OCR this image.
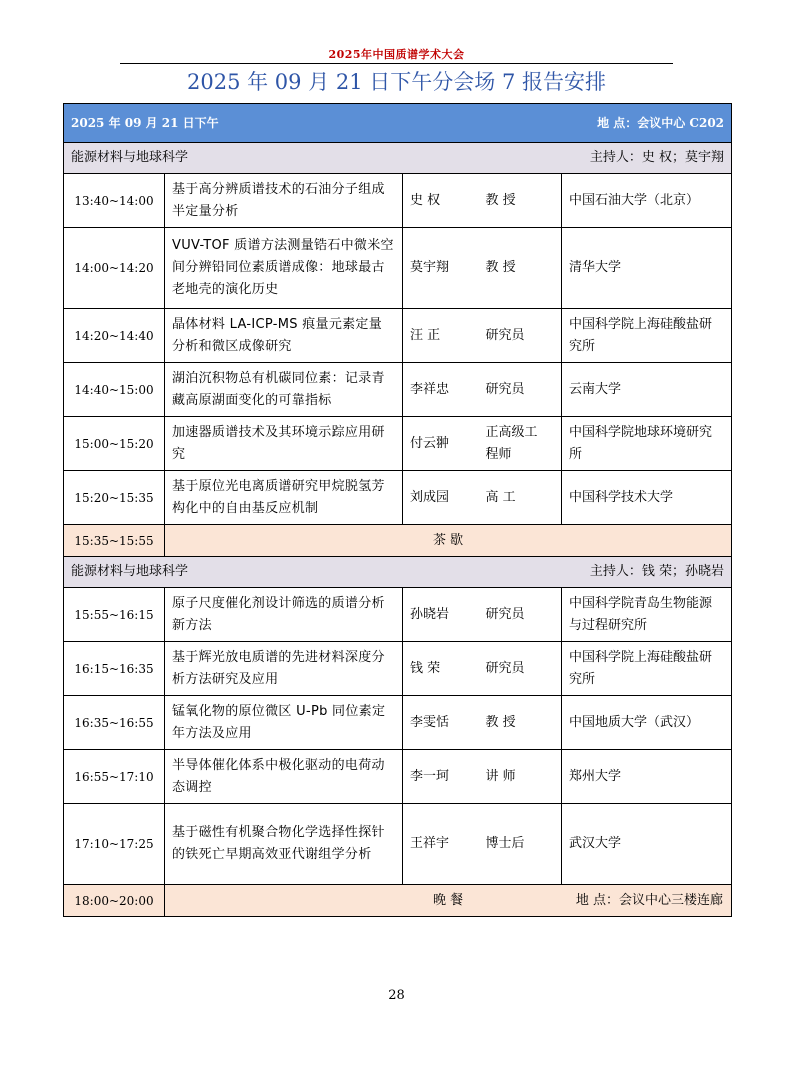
2025年中国质谱学术大会
2025 年 09 月 21 日下午分会场 7 报告安排
2025 年 09 月 21 日下午 地 点：会议中心 C202				

能源材料与地球科学 主持人：史 权；莫宇翔				

13:40~14:00	基于高分辨质谱技术的石油分子组成半定量分析	史 权	教 授	中国石油大学（北京）
14:00~14:20	VUV-TOF 质谱方法测量锆石中微米空间分辨铅同位素质谱成像：地球最古老地壳的演化历史	莫宇翔	教 授	清华大学
14:20~14:40	晶体材料 LA-ICP-MS 痕量元素定量分析和微区成像研究	汪 正	研究员	中国科学院上海硅酸盐研究所
14:40~15:00	湖泊沉积物总有机碳同位素：记录青藏高原湖面变化的可靠指标	李祥忠	研究员	云南大学
15:00~15:20	加速器质谱技术及其环境示踪应用研究	付云翀	正高级工程师	中国科学院地球环境研究所
15:20~15:35	基于原位光电离质谱研究甲烷脱氢芳构化中的自由基反应机制	刘成园	高 工	中国科学技术大学
15:35~15:55	茶 歇			
能源材料与地球科学 主持人：钱 荣；孙晓岩				

15:55~16:15	原子尺度催化剂设计筛选的质谱分析新方法	孙晓岩	研究员	中国科学院青岛生物能源与过程研究所
16:15~16:35	基于辉光放电质谱的先进材料深度分析方法研究及应用	钱 荣	研究员	中国科学院上海硅酸盐研究所
16:35~16:55	锰氧化物的原位微区 U-Pb 同位素定年方法及应用	李雯恬	教 授	中国地质大学（武汉）
16:55~17:10	半导体催化体系中极化驱动的电荷动态调控	李一珂	讲 师	郑州大学
17:10~17:25	基于磁性有机聚合物化学选择性探针的铁死亡早期高效亚代谢组学分析	王祥宇	博士后	武汉大学
18:00~20:00	晚 餐 地 点：会议中心三楼连廊			
28
